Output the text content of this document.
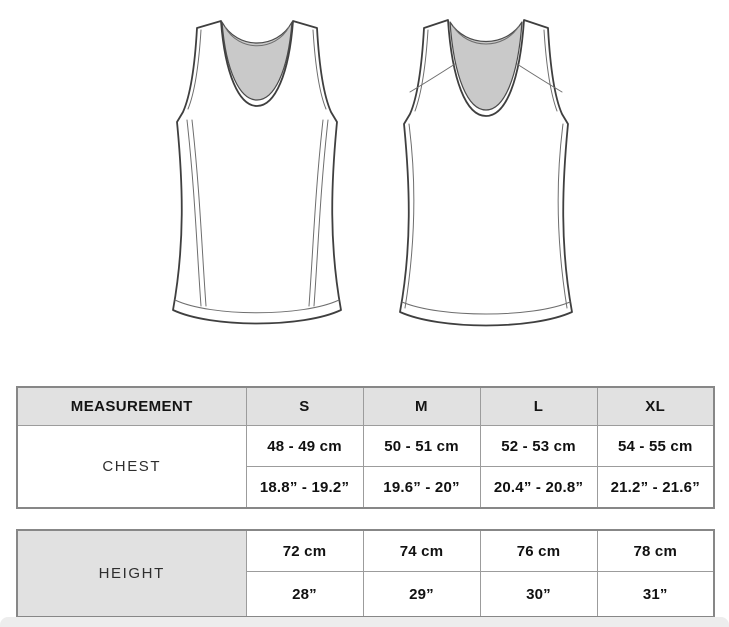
MEASUREMENT	S	M	L	XL
CHEST	48 - 49 cm	50 - 51 cm	52 - 53 cm	54 - 55 cm
	18.8” - 19.2”	19.6” - 20”	20.4” - 20.8”	21.2” - 21.6”
HEIGHT	72 cm	74 cm	76 cm	78 cm
	28”	29”	30”	31”
